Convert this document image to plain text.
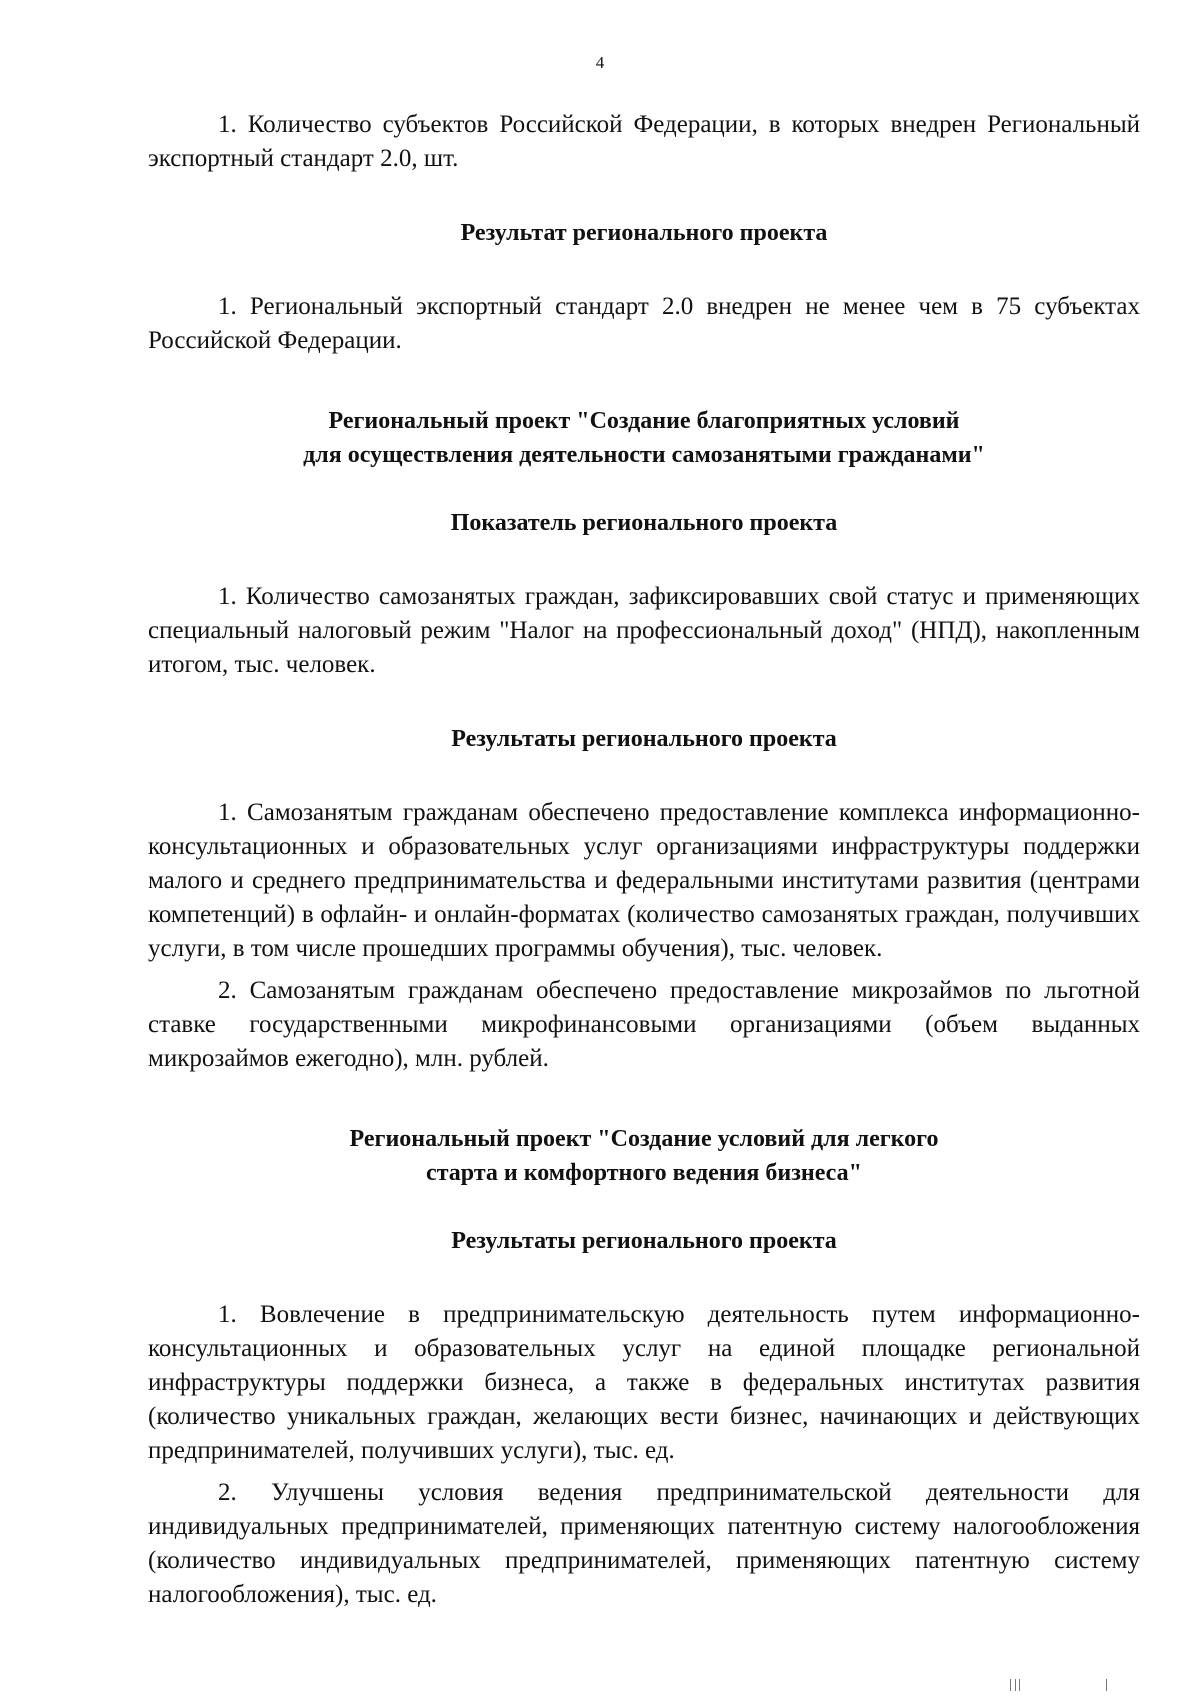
4

1. Количество субъектов Российской Федерации, в которых внедрен Региональный экспортный стандарт 2.0, шт.

Результат регионального проекта

1. Региональный экспортный стандарт 2.0 внедрен не менее чем в 75 субъектах Российской Федерации.

Региональный проект "Создание благоприятных условий
для осуществления деятельности самозанятыми гражданами"
Показатель регионального проекта

1. Количество самозанятых граждан, зафиксировавших свой статус и применяющих специальный налоговый режим "Налог на профессиональный доход" (НПД), накопленным итогом, тыс. человек.

Результаты регионального проекта

1. Самозанятым гражданам обеспечено предоставление комплекса информационно-консультационных и образовательных услуг организациями инфраструктуры поддержки малого и среднего предпринимательства и федеральными институтами развития (центрами компетенций) в офлайн- и онлайн-форматах (количество самозанятых граждан, получивших услуги, в том числе прошедших программы обучения), тыс. человек.

2. Самозанятым гражданам обеспечено предоставление микрозаймов по льготной ставке государственными микрофинансовыми организациями (объем выданных микрозаймов ежегодно), млн. рублей.

Региональный проект "Создание условий для легкого
старта и комфортного ведения бизнеса"
Результаты регионального проекта

1. Вовлечение в предпринимательскую деятельность путем информационно-консультационных и образовательных услуг на единой площадке региональной инфраструктуры поддержки бизнеса, а также в федеральных институтах развития (количество уникальных граждан, желающих вести бизнес, начинающих и действующих предпринимателей, получивших услуги), тыс. ед.

2. Улучшены условия ведения предпринимательской деятельности для индивидуальных предпринимателей, применяющих патентную систему налогообложения (количество индивидуальных предпринимателей, применяющих патентную систему налогообложения), тыс. ед.
